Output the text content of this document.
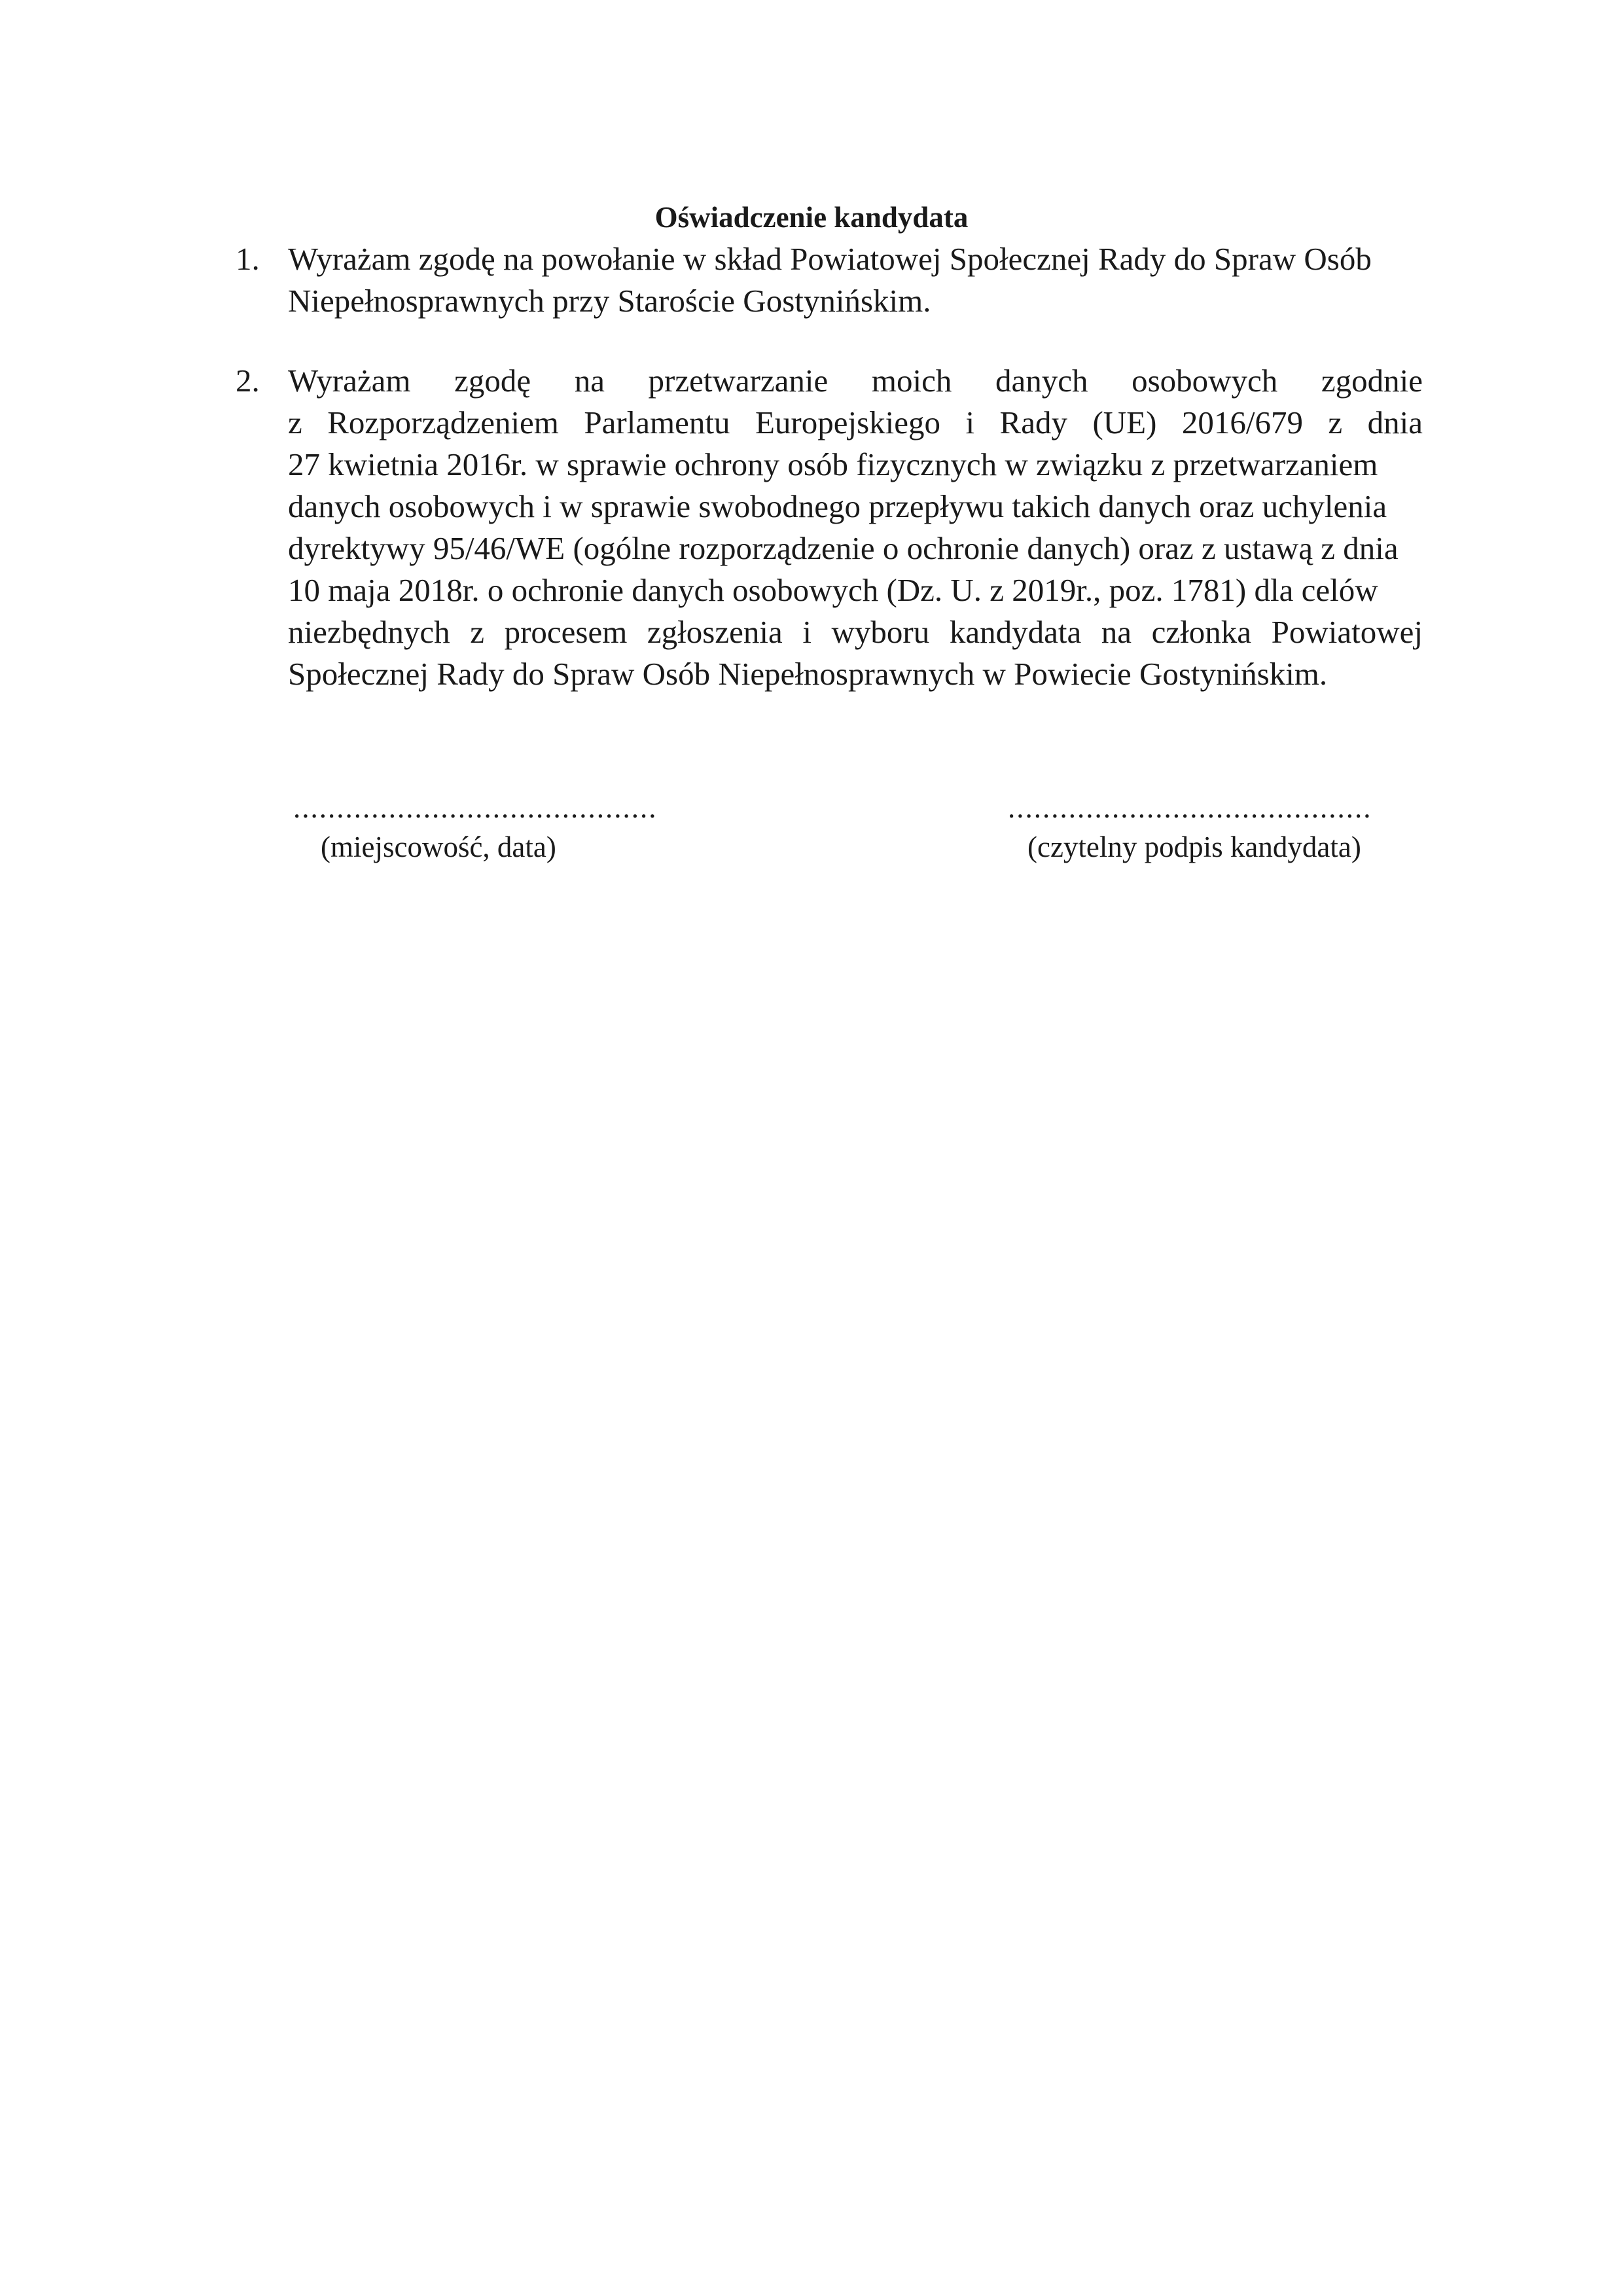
Oświadczenie kandydata
1. Wyrażam zgodę na powołanie w skład Powiatowej Społecznej Rady do Spraw Osób
Niepełnosprawnych przy Staroście Gostynińskim.
2. Wyrażam zgodę na przetwarzanie moich danych osobowych zgodnie
z Rozporządzeniem Parlamentu Europejskiego i Rady (UE) 2016/679 z dnia
27 kwietnia 2016r. w sprawie ochrony osób fizycznych w związku z przetwarzaniem
danych osobowych i w sprawie swobodnego przepływu takich danych oraz uchylenia
dyrektywy 95/46/WE (ogólne rozporządzenie o ochronie danych) oraz z ustawą z dnia
10 maja 2018r. o ochronie danych osobowych (Dz. U. z 2019r., poz. 1781) dla celów
niezbędnych z procesem zgłoszenia i wyboru kandydata na członka Powiatowej
Społecznej Rady do Spraw Osób Niepełnosprawnych w Powiecie Gostynińskim.
..........................................
(miejscowość, data)
..........................................
(czytelny podpis kandydata)
